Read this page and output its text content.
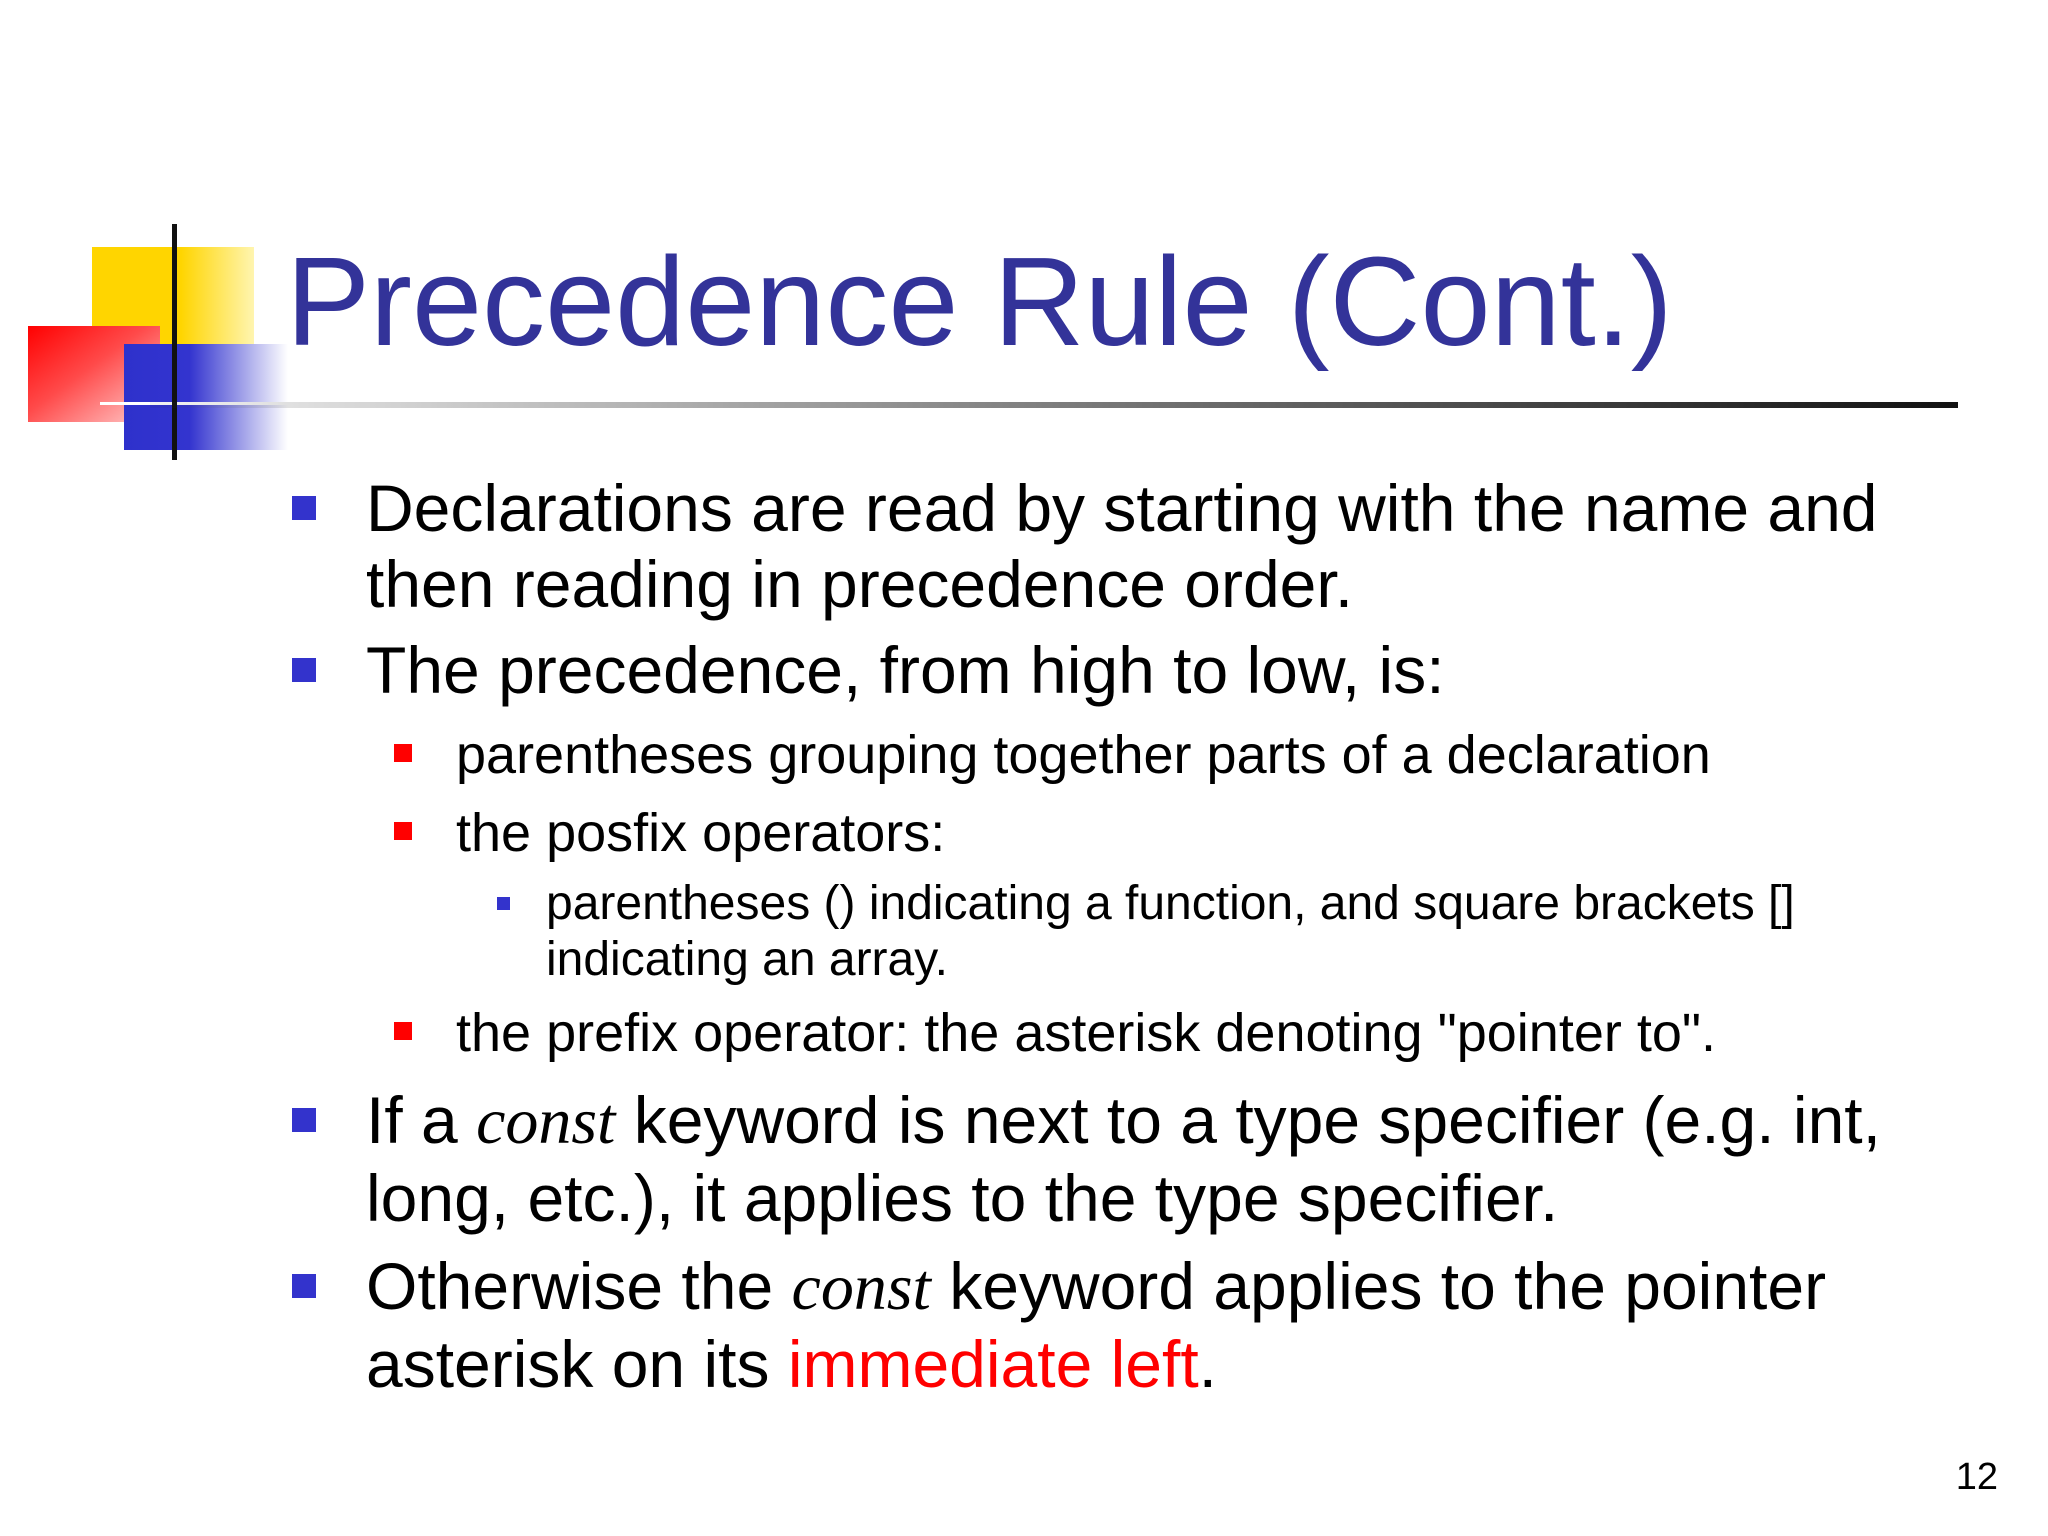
Precedence Rule (Cont.)
Declarations are read by starting with the name and then reading in precedence order.
The precedence, from high to low, is:
parentheses grouping together parts of a declaration
the posfix operators:
parentheses () indicating a function, and square brackets [] indicating an array.
the prefix operator: the asterisk denoting "pointer to".
If a const keyword is next to a type specifier (e.g. int, long, etc.), it applies to the type specifier.
Otherwise the const keyword applies to the pointer asterisk on its immediate left.
12
